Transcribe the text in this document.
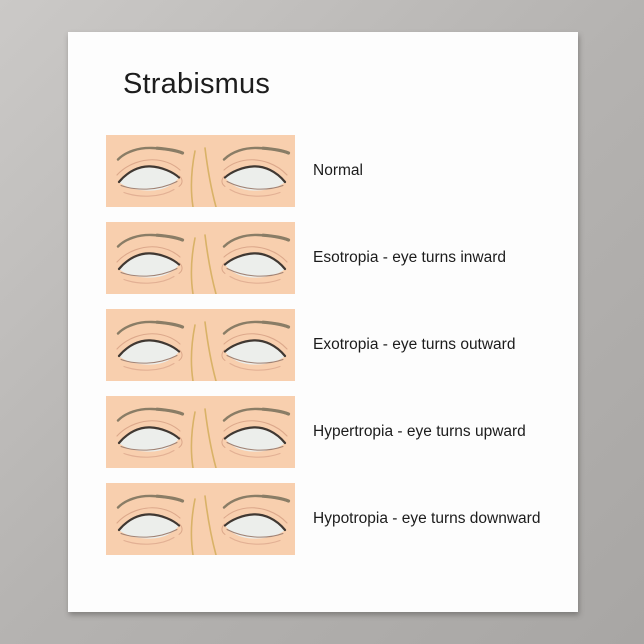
Strabismus
Normal
Esotropia - eye turns inward
Exotropia - eye turns outward
Hypertropia - eye turns upward
Hypotropia - eye turns downward
